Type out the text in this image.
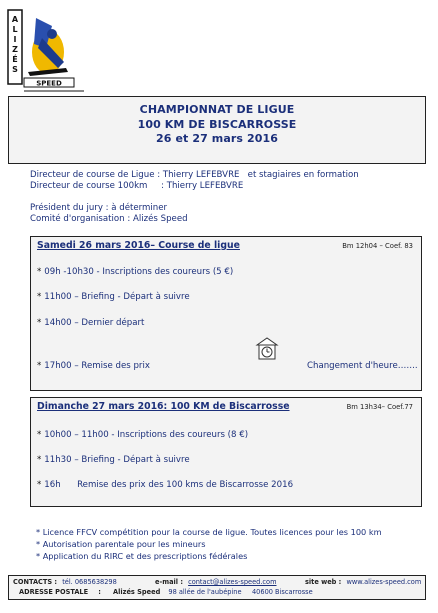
A
L
I
Z
É
S
SPEED
CHAMPIONNAT DE LIGUE
100 KM DE BISCARROSSE
26 et 27 mars 2016
Directeur de course de Ligue : Thierry LEFEBVRE   et stagiaires en formation
Directeur de course 100km     : Thierry LEFEBVRE
Président du jury : à déterminer
Comité d'organisation : Alizés Speed
Samedi 26 mars 2016– Course de ligue	Bm 12h04 – Coef. 83
* 09h -10h30 - Inscriptions des coureurs (5 €)
* 11h00 – Briefing - Départ à suivre
* 14h00 – Dernier départ
* 17h00 – Remise des prix	Changement d'heure…….
Dimanche 27 mars 2016: 100 KM de Biscarrosse	Bm 13h34– Coef.77
* 10h00 – 11h00 - Inscriptions des coureurs (8 €)
* 11h30 – Briefing - Départ à suivre
* 16h      Remise des prix des 100 kms de Biscarrosse 2016
* Licence FFCV compétition pour la course de ligue. Toutes licences pour les 100 km
* Autorisation parentale pour les mineurs
* Application du RIRC et des prescriptions fédérales
CONTACTS : tél. 0685638298	e-mail : contact@alizes-speed.com	site web : www.alizes-speed.com
ADRESSE POSTALE : Alizés Speed 98 allée de l'aubépine     40600 Biscarrosse
